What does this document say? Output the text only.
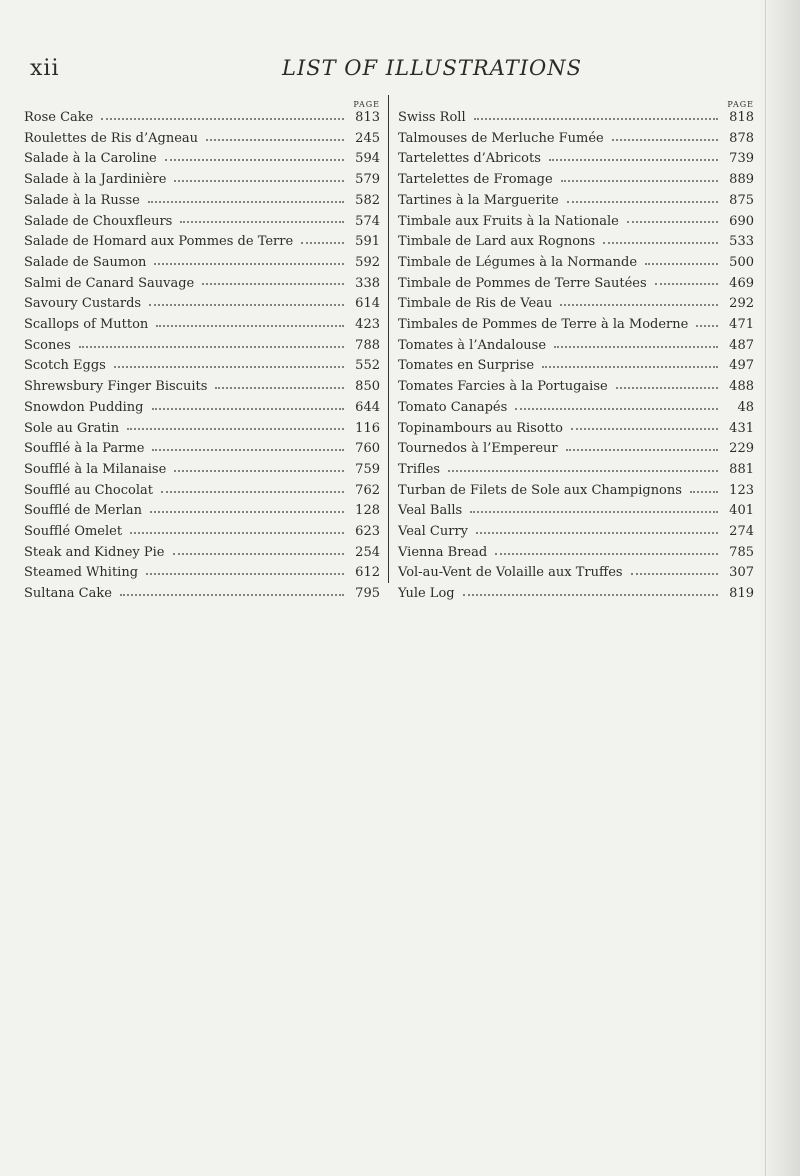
xii	LIST OF ILLUSTRATIONS
PAGE
Rose Cake	813
Roulettes de Ris d’Agneau	245
Salade à la Caroline	594
Salade à la Jardinière	579
Salade à la Russe	582
Salade de Chouxfleurs	574
Salade de Homard aux Pommes de Terre	591
Salade de Saumon	592
Salmi de Canard Sauvage	338
Savoury Custards	614
Scallops of Mutton	423
Scones	788
Scotch Eggs	552
Shrewsbury Finger Biscuits	850
Snowdon Pudding	644
Sole au Gratin	116
Soufflé à la Parme	760
Soufflé à la Milanaise	759
Soufflé au Chocolat	762
Soufflé de Merlan	128
Soufflé Omelet	623
Steak and Kidney Pie	254
Steamed Whiting	612
Sultana Cake	795
PAGE
Swiss Roll	818
Talmouses de Merluche Fumée	878
Tartelettes d’Abricots	739
Tartelettes de Fromage	889
Tartines à la Marguerite	875
Timbale aux Fruits à la Nationale	690
Timbale de Lard aux Rognons	533
Timbale de Légumes à la Normande	500
Timbale de Pommes de Terre Sautées	469
Timbale de Ris de Veau	292
Timbales de Pommes de Terre à la Moderne	471
Tomates à l’Andalouse	487
Tomates en Surprise	497
Tomates Farcies à la Portugaise	488
Tomato Canapés	48
Topinambours au Risotto	431
Tournedos à l’Empereur	229
Trifles	881
Turban de Filets de Sole aux Champignons	123
Veal Balls	401
Veal Curry	274
Vienna Bread	785
Vol-au-Vent de Volaille aux Truffes	307
Yule Log	819
